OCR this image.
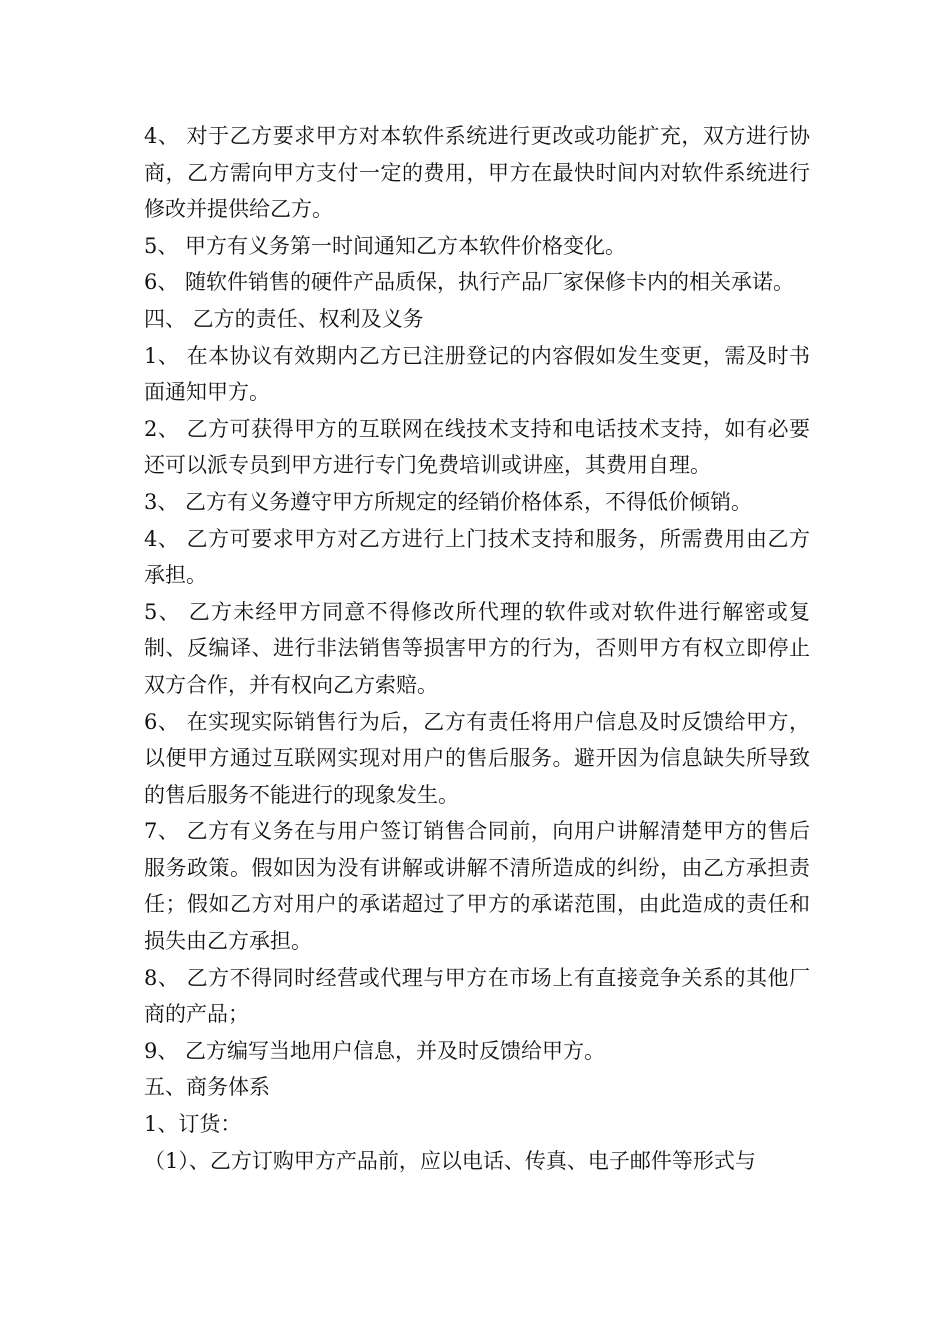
4、 对于乙方要求甲方对本软件系统进行更改或功能扩充，双方进行协商，乙方需向甲方支付一定的费用，甲方在最快时间内对软件系统进行修改并提供给乙方。

5、 甲方有义务第一时间通知乙方本软件价格变化。

6、 随软件销售的硬件产品质保，执行产品厂家保修卡内的相关承诺。

四、 乙方的责任、权利及义务

1、 在本协议有效期内乙方已注册登记的内容假如发生变更，需及时书面通知甲方。

2、 乙方可获得甲方的互联网在线技术支持和电话技术支持，如有必要还可以派专员到甲方进行专门免费培训或讲座，其费用自理。

3、 乙方有义务遵守甲方所规定的经销价格体系，不得低价倾销。

4、 乙方可要求甲方对乙方进行上门技术支持和服务，所需费用由乙方承担。

5、 乙方未经甲方同意不得修改所代理的软件或对软件进行解密或复制、反编译、进行非法销售等损害甲方的行为，否则甲方有权立即停止双方合作，并有权向乙方索赔。

6、 在实现实际销售行为后，乙方有责任将用户信息及时反馈给甲方，以便甲方通过互联网实现对用户的售后服务。避开因为信息缺失所导致的售后服务不能进行的现象发生。

7、 乙方有义务在与用户签订销售合同前，向用户讲解清楚甲方的售后服务政策。假如因为没有讲解或讲解不清所造成的纠纷，由乙方承担责任；假如乙方对用户的承诺超过了甲方的承诺范围，由此造成的责任和损失由乙方承担。

8、 乙方不得同时经营或代理与甲方在市场上有直接竞争关系的其他厂商的产品；

9、 乙方编写当地用户信息，并及时反馈给甲方。

五、商务体系

1、订货：

（1）、乙方订购甲方产品前，应以电话、传真、电子邮件等形式与
